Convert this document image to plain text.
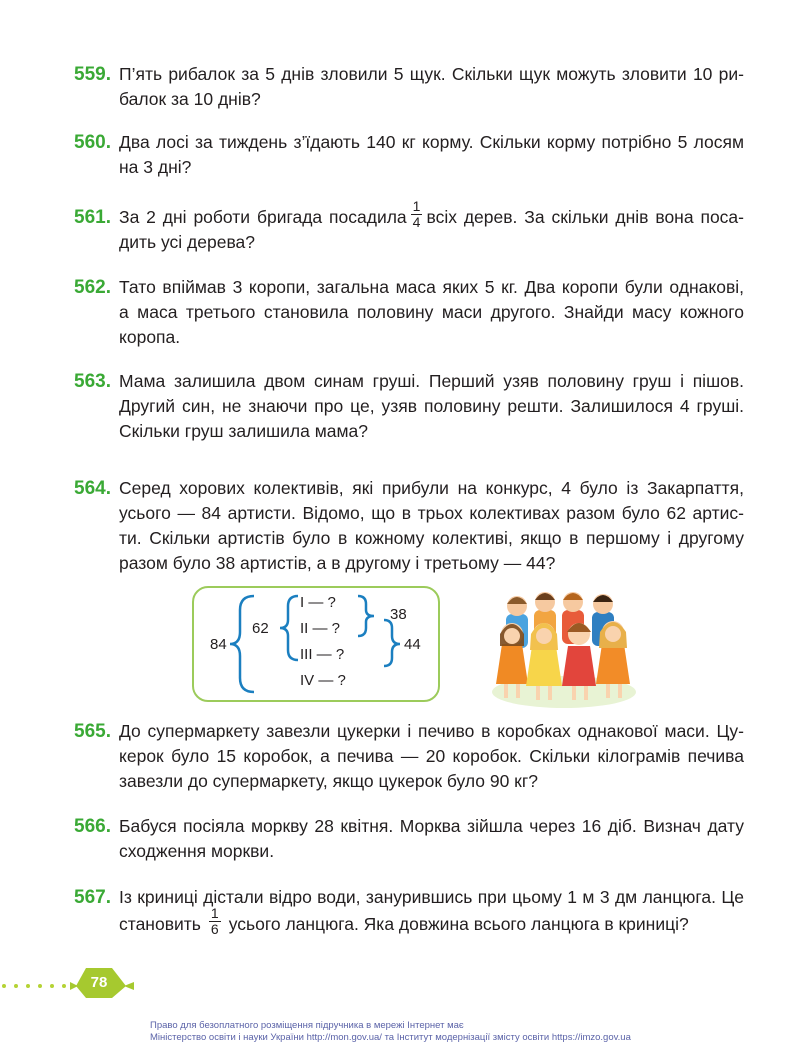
559. П’ять рибалок за 5 днів зловили 5 щук. Скільки щук можуть зловити 10 ри-
балок за 10 днів?
560. Два лосі за тиждень з’їдають 140 кг корму. Скільки корму потрібно 5 лосям
на 3 дні?
561. За 2 дні роботи бригада посадила $\frac{1}{4}$ всіх дерев. За скільки днів вона поса-
дить усі дерева?
562. Тато впіймав 3 коропи, загальна маса яких 5 кг. Два коропи були однакові,
а маса третього становила половину маси другого. Знайди масу кожного
коропа.
563. Мама залишила двом синам груші. Перший узяв половину груш і пішов.
Другий син, не знаючи про це, узяв половину решти. Залишилося 4 груші.
Скільки груш залишила мама?
564. Серед хорових колективів, які прибули на конкурс, 4 було із Закарпаття,
усього — 84 артисти. Відомо, що в трьох колективах разом було 62 артис-
ти. Скільки артистів було в кожному колективі, якщо в першому і другому
разом було 38 артистів, а в другому і третьому — 44?
84
62
I — ?
II — ?
III — ?
IV — ?
38
44
565. До супермаркету завезли цукерки і печиво в коробках однакової маси. Цу-
керок було 15 коробок, а печива — 20 коробок. Скільки кілограмів печива
завезли до супермаркету, якщо цукерок було 90 кг?
566. Бабуся посіяла моркву 28 квітня. Морква зійшла через 16 діб. Визнач дату
сходження моркви.
567. Із криниці дістали відро води, занурившись при цьому 1 м 3 дм ланцюга. Це
становить $\frac{1}{6}$ усього ланцюга. Яка довжина всього ланцюга в криниці?
78
Право для безоплатного розміщення підручника в мережі Інтернет має
Міністерство освіти і науки України http://mon.gov.ua/ та Інститут модернізації змісту освіти https://imzo.gov.ua
